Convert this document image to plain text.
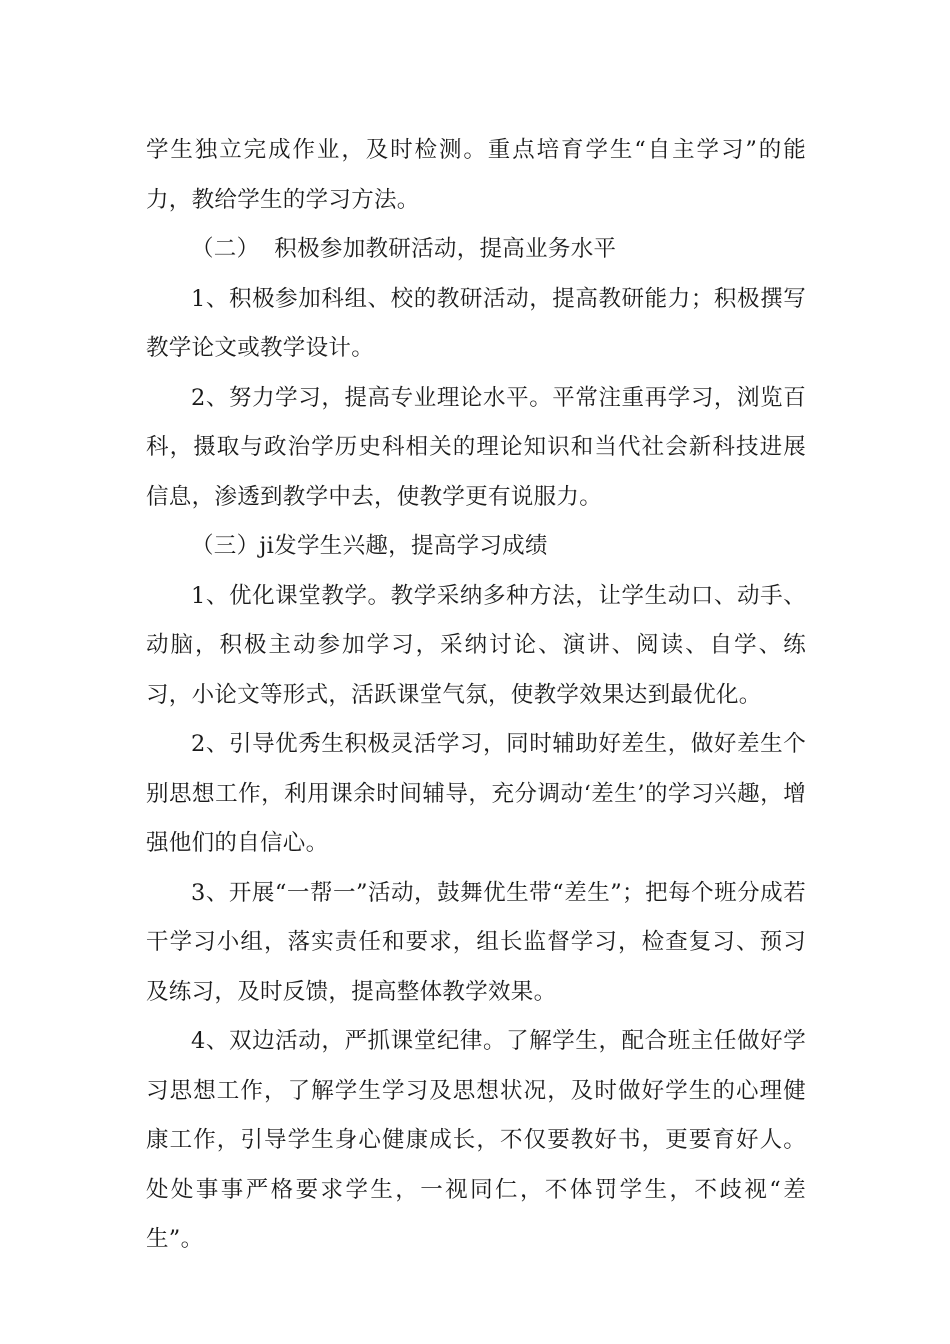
学生独立完成作业，及时检测。重点培育学生“自主学习”的能力，教给学生的学习方法。

（二）  积极参加教研活动，提高业务水平

1、积极参加科组、校的教研活动，提高教研能力；积极撰写教学论文或教学设计。

2、努力学习，提高专业理论水平。平常注重再学习，浏览百科，摄取与政治学历史科相关的理论知识和当代社会新科技进展信息，渗透到教学中去，使教学更有说服力。

（三）ji发学生兴趣，提高学习成绩

1、优化课堂教学。教学采纳多种方法，让学生动口、动手、动脑，积极主动参加学习，采纳讨论、演讲、阅读、自学、练习，小论文等形式，活跃课堂气氛，使教学效果达到最优化。

2、引导优秀生积极灵活学习，同时辅助好差生，做好差生个别思想工作，利用课余时间辅导，充分调动‘差生’的学习兴趣，增强他们的自信心。

3、开展“一帮一”活动，鼓舞优生带“差生”；把每个班分成若干学习小组，落实责任和要求，组长监督学习，检查复习、预习及练习，及时反馈，提高整体教学效果。

4、双边活动，严抓课堂纪律。了解学生，配合班主任做好学习思想工作，了解学生学习及思想状况，及时做好学生的心理健康工作，引导学生身心健康成长，不仅要教好书，更要育好人。处处事事严格要求学生，一视同仁，不体罚学生，不歧视“差生”。
